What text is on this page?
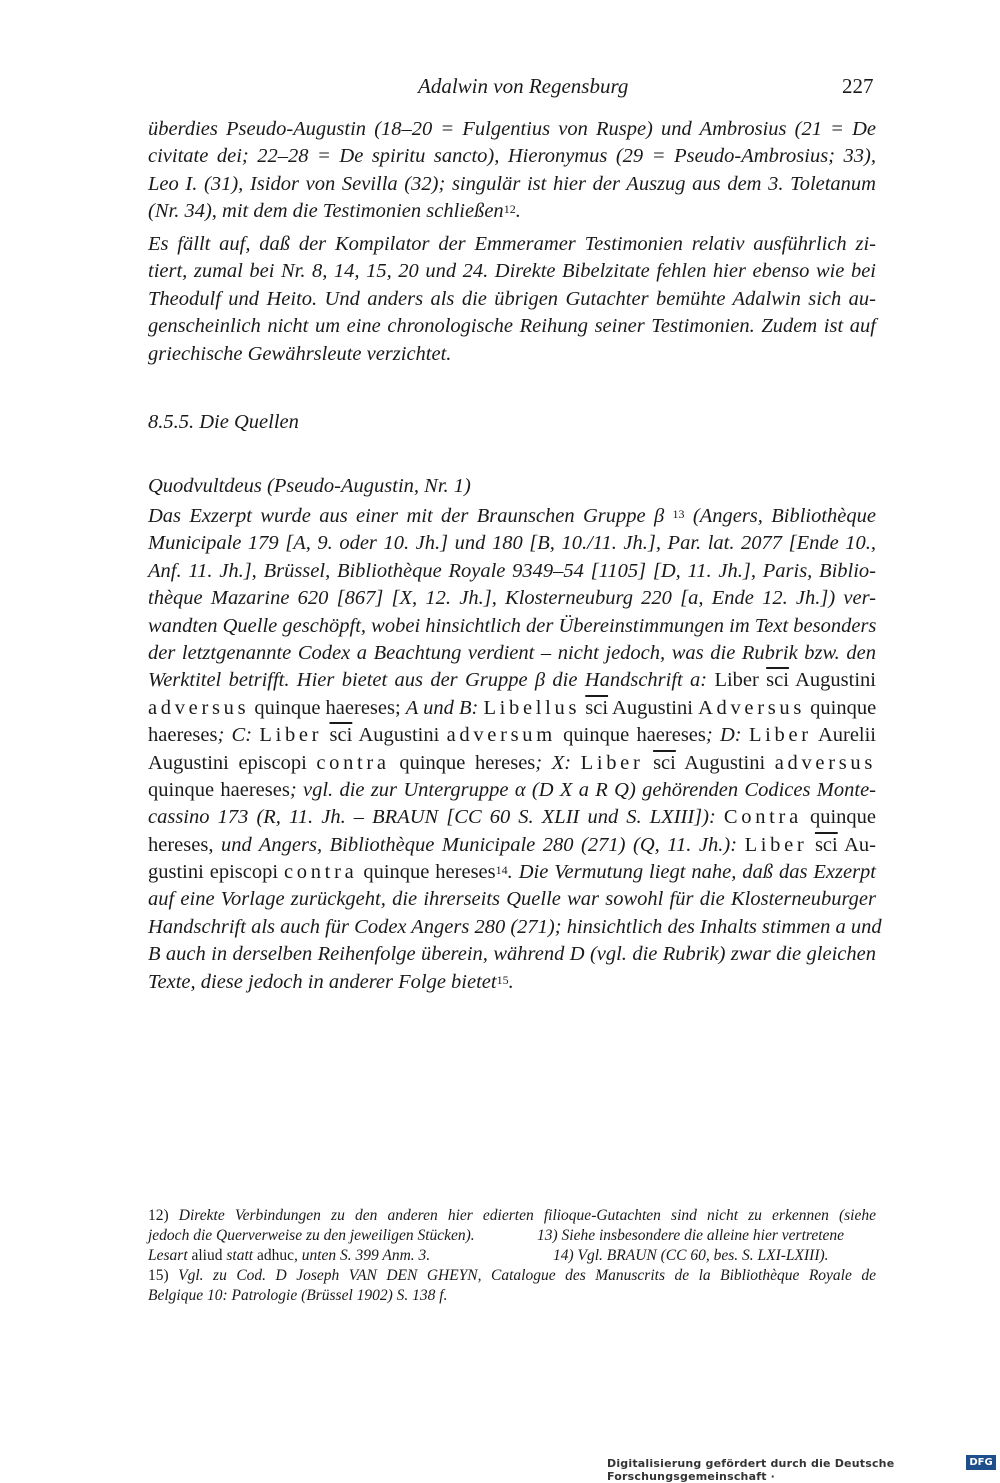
Adalwin von Regensburg	227
überdies Pseudo-Augustin (18–20 = Fulgentius von Ruspe) und Ambrosius (21 = De
civitate dei; 22–28 = De spiritu sancto), Hieronymus (29 = Pseudo-Ambrosius; 33),
Leo I. (31), Isidor von Sevilla (32); singulär ist hier der Auszug aus dem 3. Toletanum
(Nr. 34), mit dem die Testimonien schließen$^{12}$.
Es fällt auf, daß der Kompilator der Emmeramer Testimonien relativ ausführlich zi-
tiert, zumal bei Nr. 8, 14, 15, 20 und 24. Direkte Bibelzitate fehlen hier ebenso wie bei
Theodulf und Heito. Und anders als die übrigen Gutachter bemühte Adalwin sich au-
genscheinlich nicht um eine chronologische Reihung seiner Testimonien. Zudem ist auf
griechische Gewährsleute verzichtet.
8.5.5. Die Quellen
Quodvultdeus (Pseudo-Augustin, Nr. 1)
Das Exzerpt wurde aus einer mit der Braunschen Gruppe β $^{13}$ (Angers, Bibliothèque
Municipale 179 [A, 9. oder 10. Jh.] und 180 [B, 10./11. Jh.], Par. lat. 2077 [Ende 10.,
Anf. 11. Jh.], Brüssel, Bibliothèque Royale 9349–54 [1105] [D, 11. Jh.], Paris, Biblio-
thèque Mazarine 620 [867] [X, 12. Jh.], Klosterneuburg 220 [a, Ende 12. Jh.]) ver-
wandten Quelle geschöpft, wobei hinsichtlich der Übereinstimmungen im Text besonders
der letztgenannte Codex a Beachtung verdient – nicht jedoch, was die Rubrik bzw. den
Werktitel betrifft. Hier bietet aus der Gruppe β die Handschrift a: Liber $\overline{sci}$ Augustini
adversus quinque haereses; A und B: Libellus $\overline{sci}$ Augustini Adversus quinque
haereses; C: Liber $\overline{sci}$ Augustini adversum quinque haereses; D: Liber Aurelii
Augustini episcopi contra quinque hereses; X: Liber $\overline{sci}$ Augustini adversus
quinque haereses; vgl. die zur Untergruppe α (D X a R Q) gehörenden Codices Monte-
cassino 173 (R, 11. Jh. – BRAUN [CC 60 S. XLII und S. LXIII]): Contra quinque
hereses, und Angers, Bibliothèque Municipale 280 (271) (Q, 11. Jh.): Liber $\overline{sci}$ Au-
gustini episcopi contra quinque hereses$^{14}$. Die Vermutung liegt nahe, daß das Exzerpt
auf eine Vorlage zurückgeht, die ihrerseits Quelle war sowohl für die Klosterneuburger
Handschrift als auch für Codex Angers 280 (271); hinsichtlich des Inhalts stimmen a und
B auch in derselben Reihenfolge überein, während D (vgl. die Rubrik) zwar die gleichen
Texte, diese jedoch in anderer Folge bietet$^{15}$.
12) Direkte Verbindungen zu den anderen hier edierten filioque-Gutachten sind nicht zu erkennen (siehe
jedoch die Querverweise zu den jeweiligen Stücken).	13) Siehe insbesondere die alleine hier vertretene
Lesart aliud statt adhuc, unten S. 399 Anm. 3.	14) Vgl. BRAUN (CC 60, bes. S. LXI-LXIII).
15) Vgl. zu Cod. D Joseph VAN DEN GHEYN, Catalogue des Manuscrits de la Bibliothèque Royale de
Belgique 10: Patrologie (Brüssel 1902) S. 138 f.
Digitalisierung gefördert durch die Deutsche Forschungsgemeinschaft ·
DFG
